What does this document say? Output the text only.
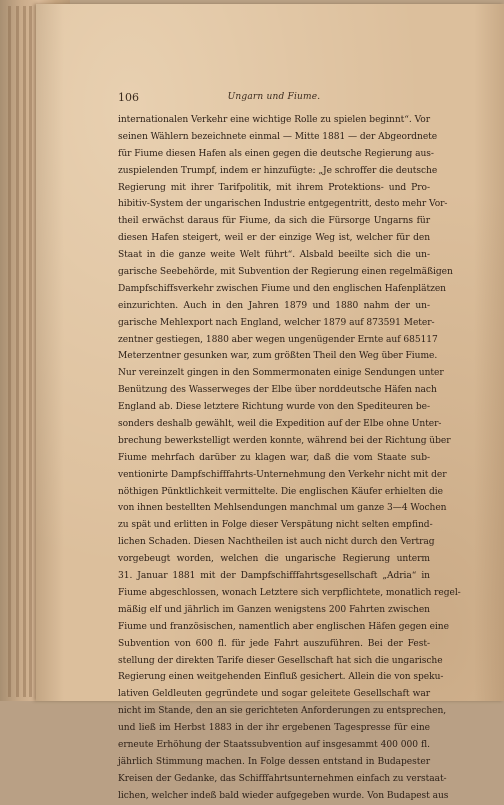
106	Ungarn und Fiume.
internationalen Verkehr eine wichtige Rolle zu spielen beginnt“. Vor
seinen Wählern bezeichnete einmal — Mitte 1881 — der Abgeordnete
für Fiume diesen Hafen als einen gegen die deutsche Regierung aus-
zuspielenden Trumpf, indem er hinzufügte: „Je schroffer die deutsche
Regierung mit ihrer Tarifpolitik, mit ihrem Protektions- und Pro-
hibitiv-System der ungarischen Industrie entgegentritt, desto mehr Vor-
theil erwächst daraus für Fiume, da sich die Fürsorge Ungarns für
diesen Hafen steigert, weil er der einzige Weg ist, welcher für den
Staat in die ganze weite Welt führt“. Alsbald beeilte sich die un-
garische Seebehörde, mit Subvention der Regierung einen regelmäßigen
Dampfschiffsverkehr zwischen Fiume und den englischen Hafenplätzen
einzurichten. Auch in den Jahren 1879 und 1880 nahm der un-
garische Mehlexport nach England, welcher 1879 auf 873591 Meter-
zentner gestiegen, 1880 aber wegen ungenügender Ernte auf 685117
Meterzentner gesunken war, zum größten Theil den Weg über Fiume.
Nur vereinzelt gingen in den Sommermonaten einige Sendungen unter
Benützung des Wasserweges der Elbe über norddeutsche Häfen nach
England ab. Diese letztere Richtung wurde von den Spediteuren be-
sonders deshalb gewählt, weil die Expedition auf der Elbe ohne Unter-
brechung bewerkstelligt werden konnte, während bei der Richtung über
Fiume mehrfach darüber zu klagen war, daß die vom Staate sub-
ventionirte Dampfschifffahrts-Unternehmung den Verkehr nicht mit der
nöthigen Pünktlichkeit vermittelte. Die englischen Käufer erhielten die
von ihnen bestellten Mehlsendungen manchmal um ganze 3—4 Wochen
zu spät und erlitten in Folge dieser Verspätung nicht selten empfind-
lichen Schaden. Diesen Nachtheilen ist auch nicht durch den Vertrag
vorgebeugt worden, welchen die ungarische Regierung unterm
31. Januar 1881 mit der Dampfschifffahrtsgesellschaft „Adria“ in
Fiume abgeschlossen, wonach Letztere sich verpflichtete, monatlich regel-
mäßig elf und jährlich im Ganzen wenigstens 200 Fahrten zwischen
Fiume und französischen, namentlich aber englischen Häfen gegen eine
Subvention von 600 fl. für jede Fahrt auszuführen. Bei der Fest-
stellung der direkten Tarife dieser Gesellschaft hat sich die ungarische
Regierung einen weitgehenden Einfluß gesichert. Allein die von speku-
lativen Geldleuten gegründete und sogar geleitete Gesellschaft war
nicht im Stande, den an sie gerichteten Anforderungen zu entsprechen,
und ließ im Herbst 1883 in der ihr ergebenen Tagespresse für eine
erneute Erhöhung der Staatssubvention auf insgesammt 400 000 fl.
jährlich Stimmung machen. In Folge dessen entstand in Budapester
Kreisen der Gedanke, das Schifffahrtsunternehmen einfach zu verstaat-
lichen, welcher indeß bald wieder aufgegeben wurde. Von Budapest aus
